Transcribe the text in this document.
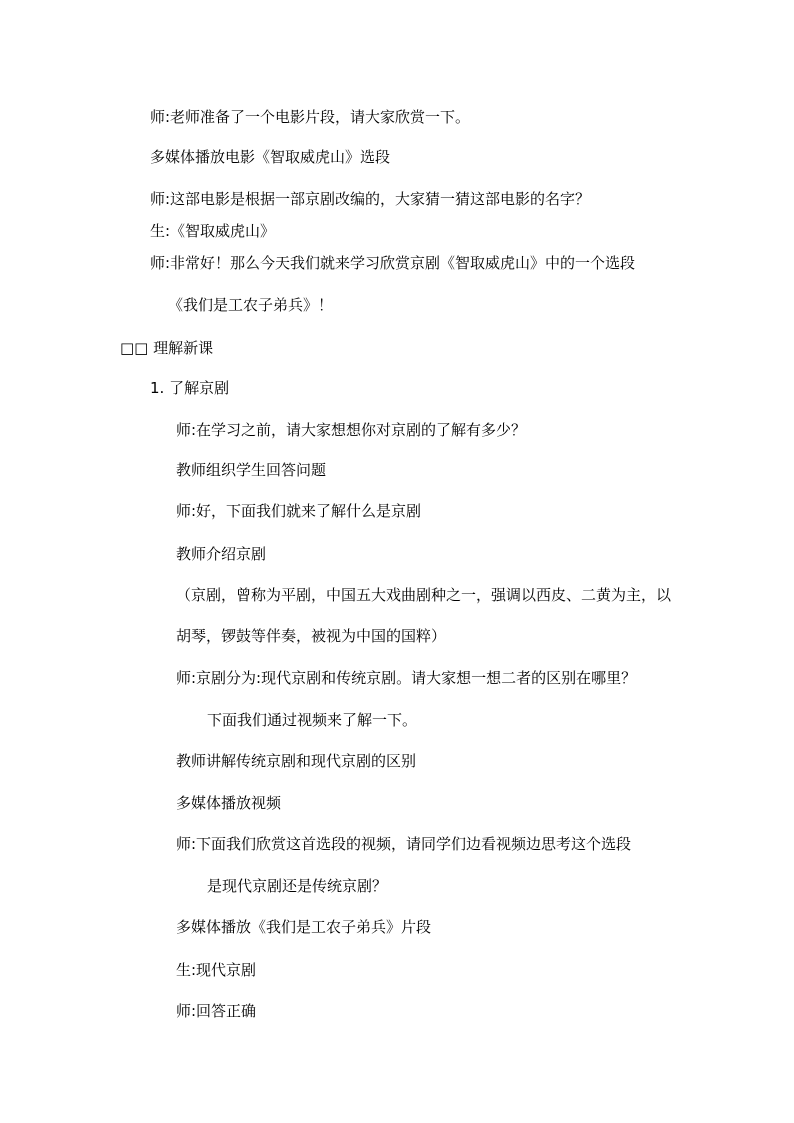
师:老师准备了一个电影片段，请大家欣赏一下。
多媒体播放电影《智取威虎山》选段
师:这部电影是根据一部京剧改编的，大家猜一猜这部电影的名字？
生:《智取威虎山》
师:非常好！那么今天我们就来学习欣赏京剧《智取威虎山》中的一个选段
《我们是工农子弟兵》！
□□ 理解新课
1. 了解京剧
师:在学习之前，请大家想想你对京剧的了解有多少？
教师组织学生回答问题
师:好，下面我们就来了解什么是京剧
教师介绍京剧
（京剧，曾称为平剧，中国五大戏曲剧种之一，强调以西皮、二黄为主，以
胡琴，锣鼓等伴奏，被视为中国的国粹）
师:京剧分为:现代京剧和传统京剧。请大家想一想二者的区别在哪里？
下面我们通过视频来了解一下。
教师讲解传统京剧和现代京剧的区别
多媒体播放视频
师:下面我们欣赏这首选段的视频，请同学们边看视频边思考这个选段
是现代京剧还是传统京剧？
多媒体播放《我们是工农子弟兵》片段
生:现代京剧
师:回答正确
